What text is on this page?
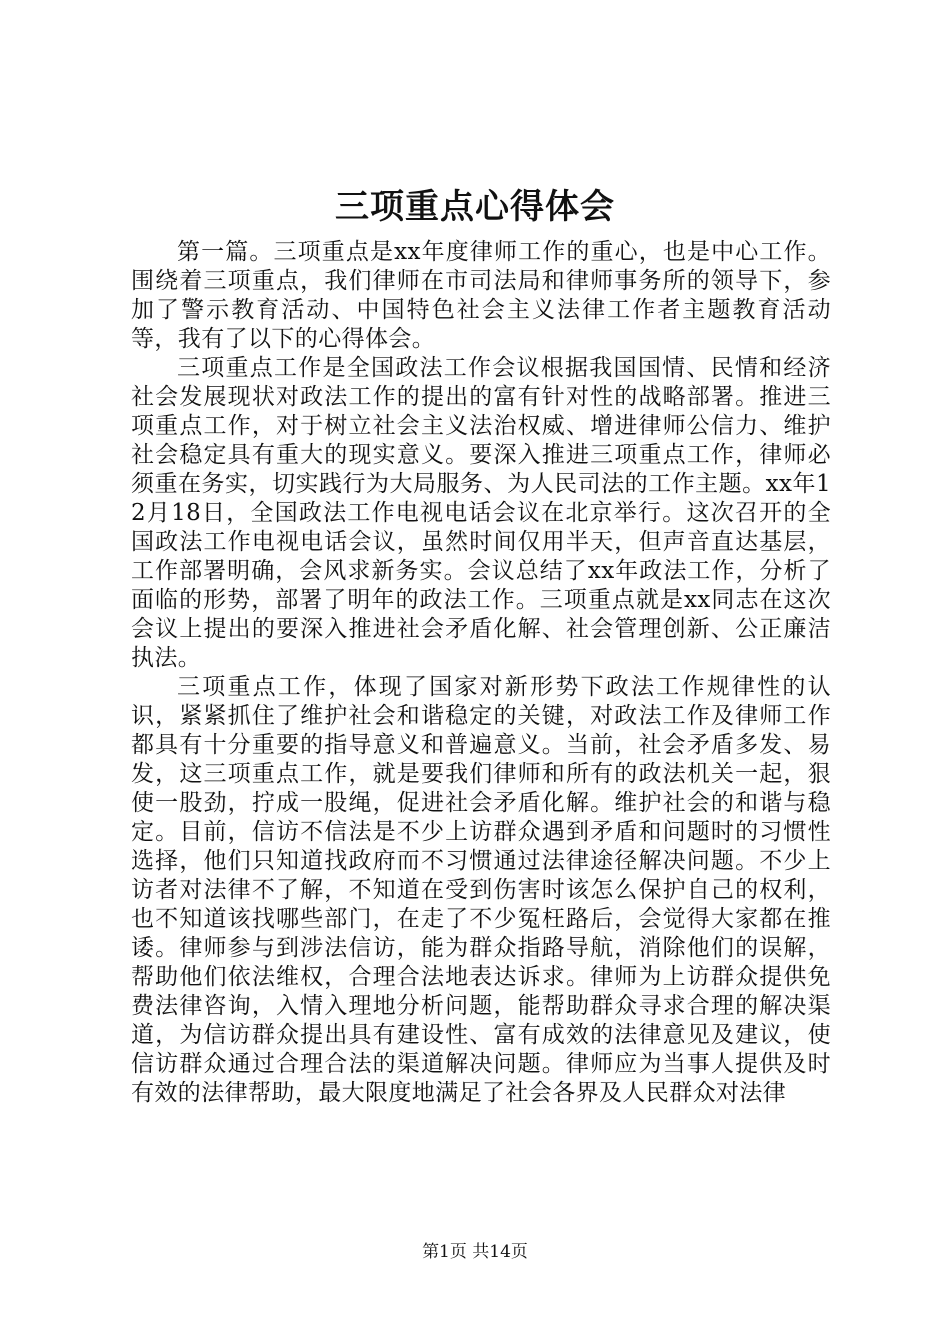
三项重点心得体会

第一篇。三项重点是xx年度律师工作的重心，也是中心工作。围绕着三项重点，我们律师在市司法局和律师事务所的领导下，参加了警示教育活动、中国特色社会主义法律工作者主题教育活动等，我有了以下的心得体会。

三项重点工作是全国政法工作会议根据我国国情、民情和经济社会发展现状对政法工作的提出的富有针对性的战略部署。推进三项重点工作，对于树立社会主义法治权威、增进律师公信力、维护社会稳定具有重大的现实意义。要深入推进三项重点工作，律师必须重在务实，切实践行为大局服务、为人民司法的工作主题。xx年12月18日，全国政法工作电视电话会议在北京举行。这次召开的全国政法工作电视电话会议，虽然时间仅用半天，但声音直达基层，工作部署明确，会风求新务实。会议总结了xx年政法工作，分析了面临的形势，部署了明年的政法工作。三项重点就是xx同志在这次会议上提出的要深入推进社会矛盾化解、社会管理创新、公正廉洁执法。

三项重点工作，体现了国家对新形势下政法工作规律性的认识，紧紧抓住了维护社会和谐稳定的关键，对政法工作及律师工作都具有十分重要的指导意义和普遍意义。当前，社会矛盾多发、易发，这三项重点工作，就是要我们律师和所有的政法机关一起，狠使一股劲，拧成一股绳，促进社会矛盾化解。维护社会的和谐与稳定。目前，信访不信法是不少上访群众遇到矛盾和问题时的习惯性选择，他们只知道找政府而不习惯通过法律途径解决问题。不少上访者对法律不了解，不知道在受到伤害时该怎么保护自己的权利，也不知道该找哪些部门，在走了不少冤枉路后，会觉得大家都在推诿。律师参与到涉法信访，能为群众指路导航，消除他们的误解，帮助他们依法维权，合理合法地表达诉求。律师为上访群众提供免费法律咨询，入情入理地分析问题，能帮助群众寻求合理的解决渠道，为信访群众提出具有建设性、富有成效的法律意见及建议，使信访群众通过合理合法的渠道解决问题。律师应为当事人提供及时有效的法律帮助，最大限度地满足了社会各界及人民群众对法律

第1页 共14页
